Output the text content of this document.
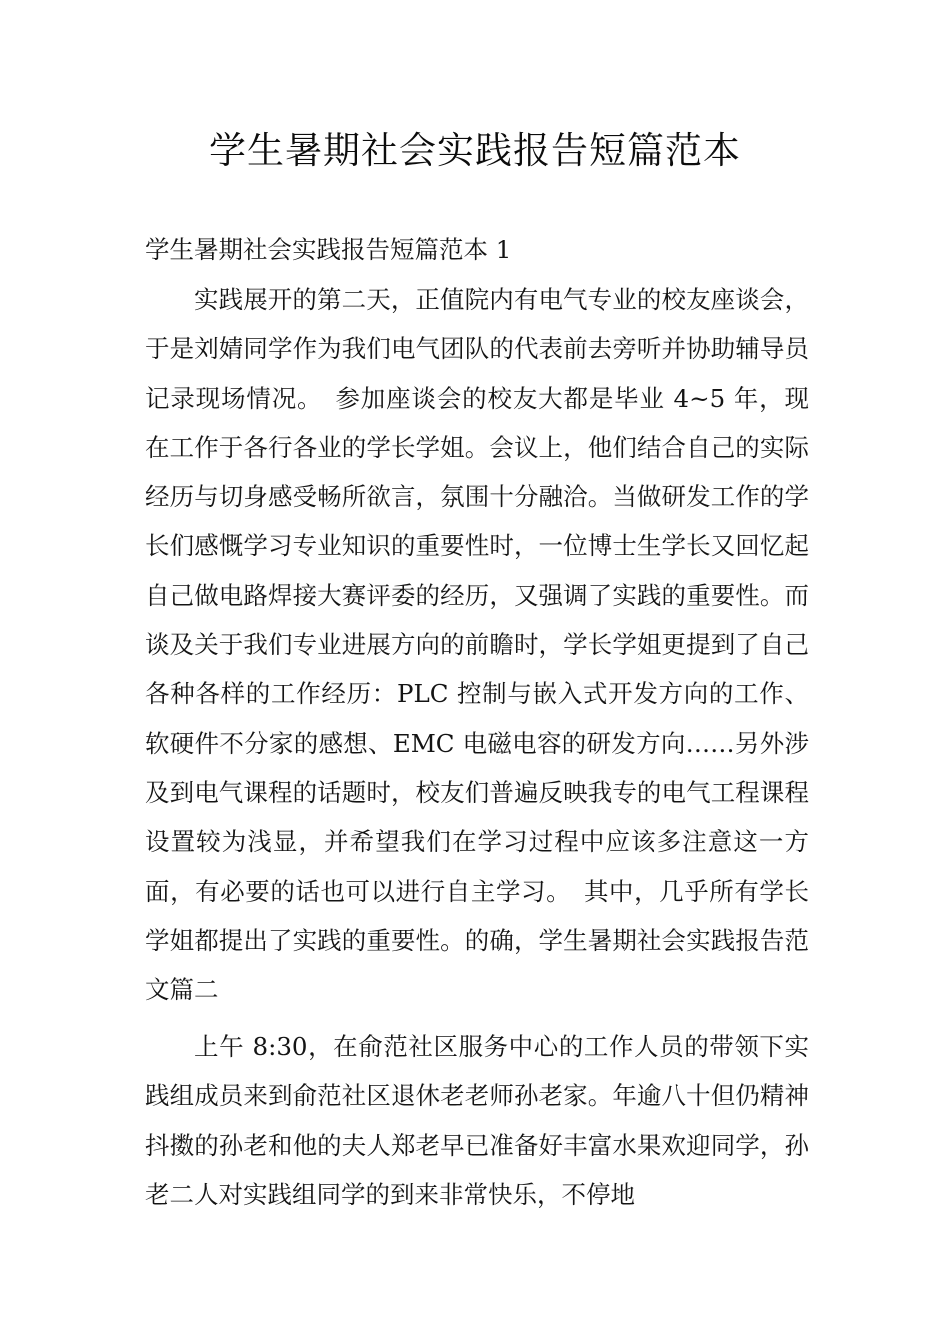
学生暑期社会实践报告短篇范本
学生暑期社会实践报告短篇范本 1

实践展开的第二天，正值院内有电气专业的校友座谈会，于是刘婧同学作为我们电气团队的代表前去旁听并协助辅导员记录现场情况。　参加座谈会的校友大都是毕业 4~5 年，现在工作于各行各业的学长学姐。会议上，他们结合自己的实际经历与切身感受畅所欲言，氛围十分融洽。当做研发工作的学长们感慨学习专业知识的重要性时，一位博士生学长又回忆起自己做电路焊接大赛评委的经历，又强调了实践的重要性。而谈及关于我们专业进展方向的前瞻时，学长学姐更提到了自己各种各样的工作经历：PLC 控制与嵌入式开发方向的工作、软硬件不分家的感想、EMC 电磁电容的研发方向……另外涉及到电气课程的话题时，校友们普遍反映我专的电气工程课程设置较为浅显，并希望我们在学习过程中应该多注意这一方面，有必要的话也可以进行自主学习。　其中，几乎所有学长学姐都提出了实践的重要性。的确，学生暑期社会实践报告范文篇二

上午 8:30，在俞范社区服务中心的工作人员的带领下实践组成员来到俞范社区退休老老师孙老家。年逾八十但仍精神抖擞的孙老和他的夫人郑老早已准备好丰富水果欢迎同学，孙老二人对实践组同学的到来非常快乐，不停地
